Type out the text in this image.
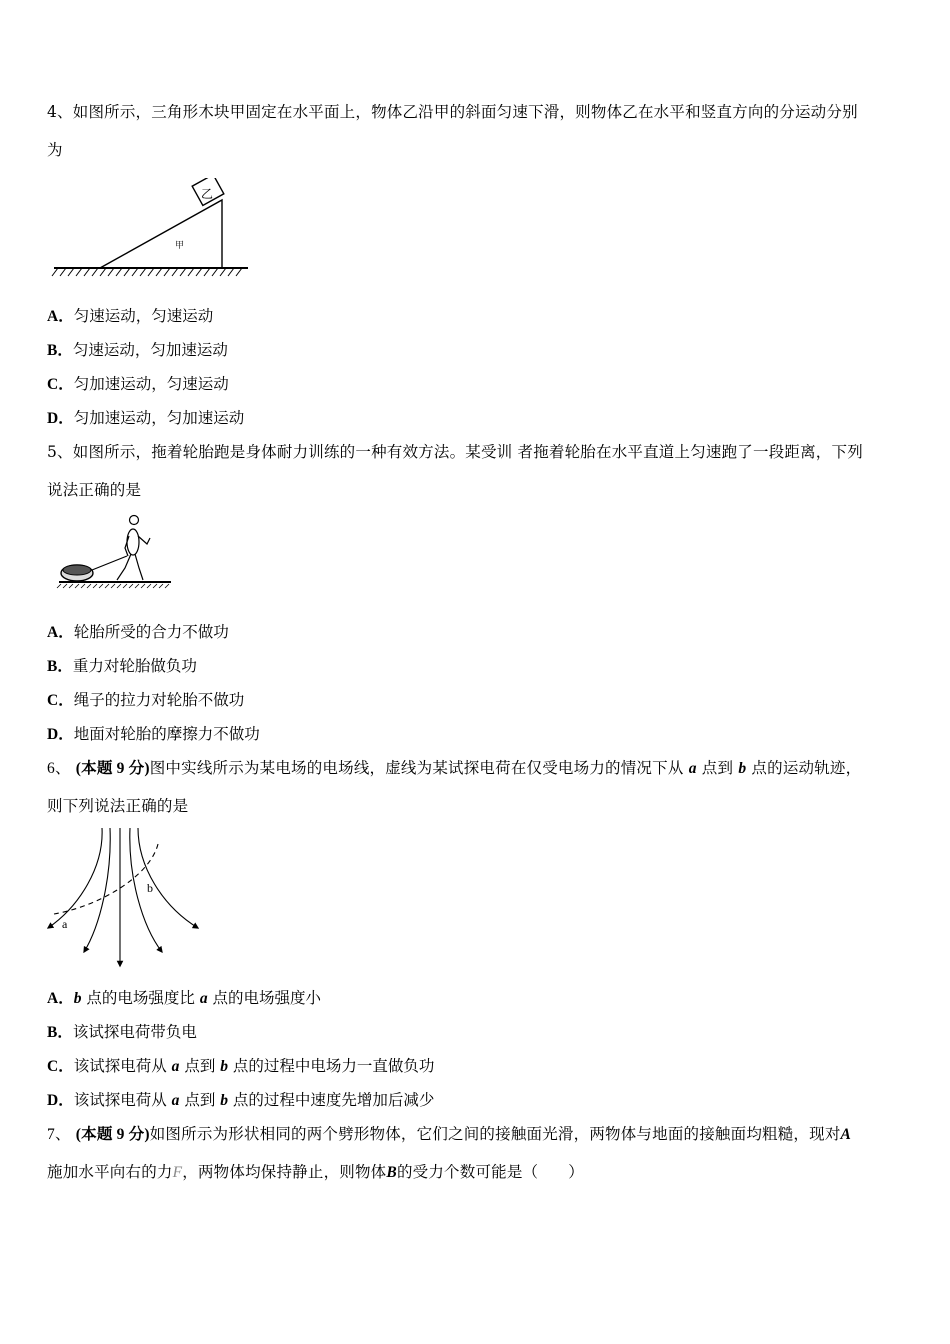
4、如图所示，三角形木块甲固定在水平面上，物体乙沿甲的斜面匀速下滑，则物体乙在水平和竖直方向的分运动分别
为
乙
甲
A．匀速运动，匀速运动
B．匀速运动，匀加速运动
C．匀加速运动，匀速运动
D．匀加速运动，匀加速运动
5、如图所示，拖着轮胎跑是身体耐力训练的一种有效方法。某受训 者拖着轮胎在水平直道上匀速跑了一段距离，下列
说法正确的是
A．轮胎所受的合力不做功
B．重力对轮胎做负功
C．绳子的拉力对轮胎不做功
D．地面对轮胎的摩擦力不做功
6、 (本题 9 分)图中实线所示为某电场的电场线，虚线为某试探电荷在仅受电场力的情况下从 a 点到 b 点的运动轨迹，
则下列说法正确的是
b
a
A．b 点的电场强度比 a 点的电场强度小
B．该试探电荷带负电
C．该试探电荷从 a 点到 b 点的过程中电场力一直做负功
D．该试探电荷从 a 点到 b 点的过程中速度先增加后减少
7、 (本题 9 分)如图所示为形状相同的两个劈形物体，它们之间的接触面光滑，两物体与地面的接触面均粗糙，现对A
施加水平向右的力F，两物体均保持静止，则物体B的受力个数可能是（ ）
